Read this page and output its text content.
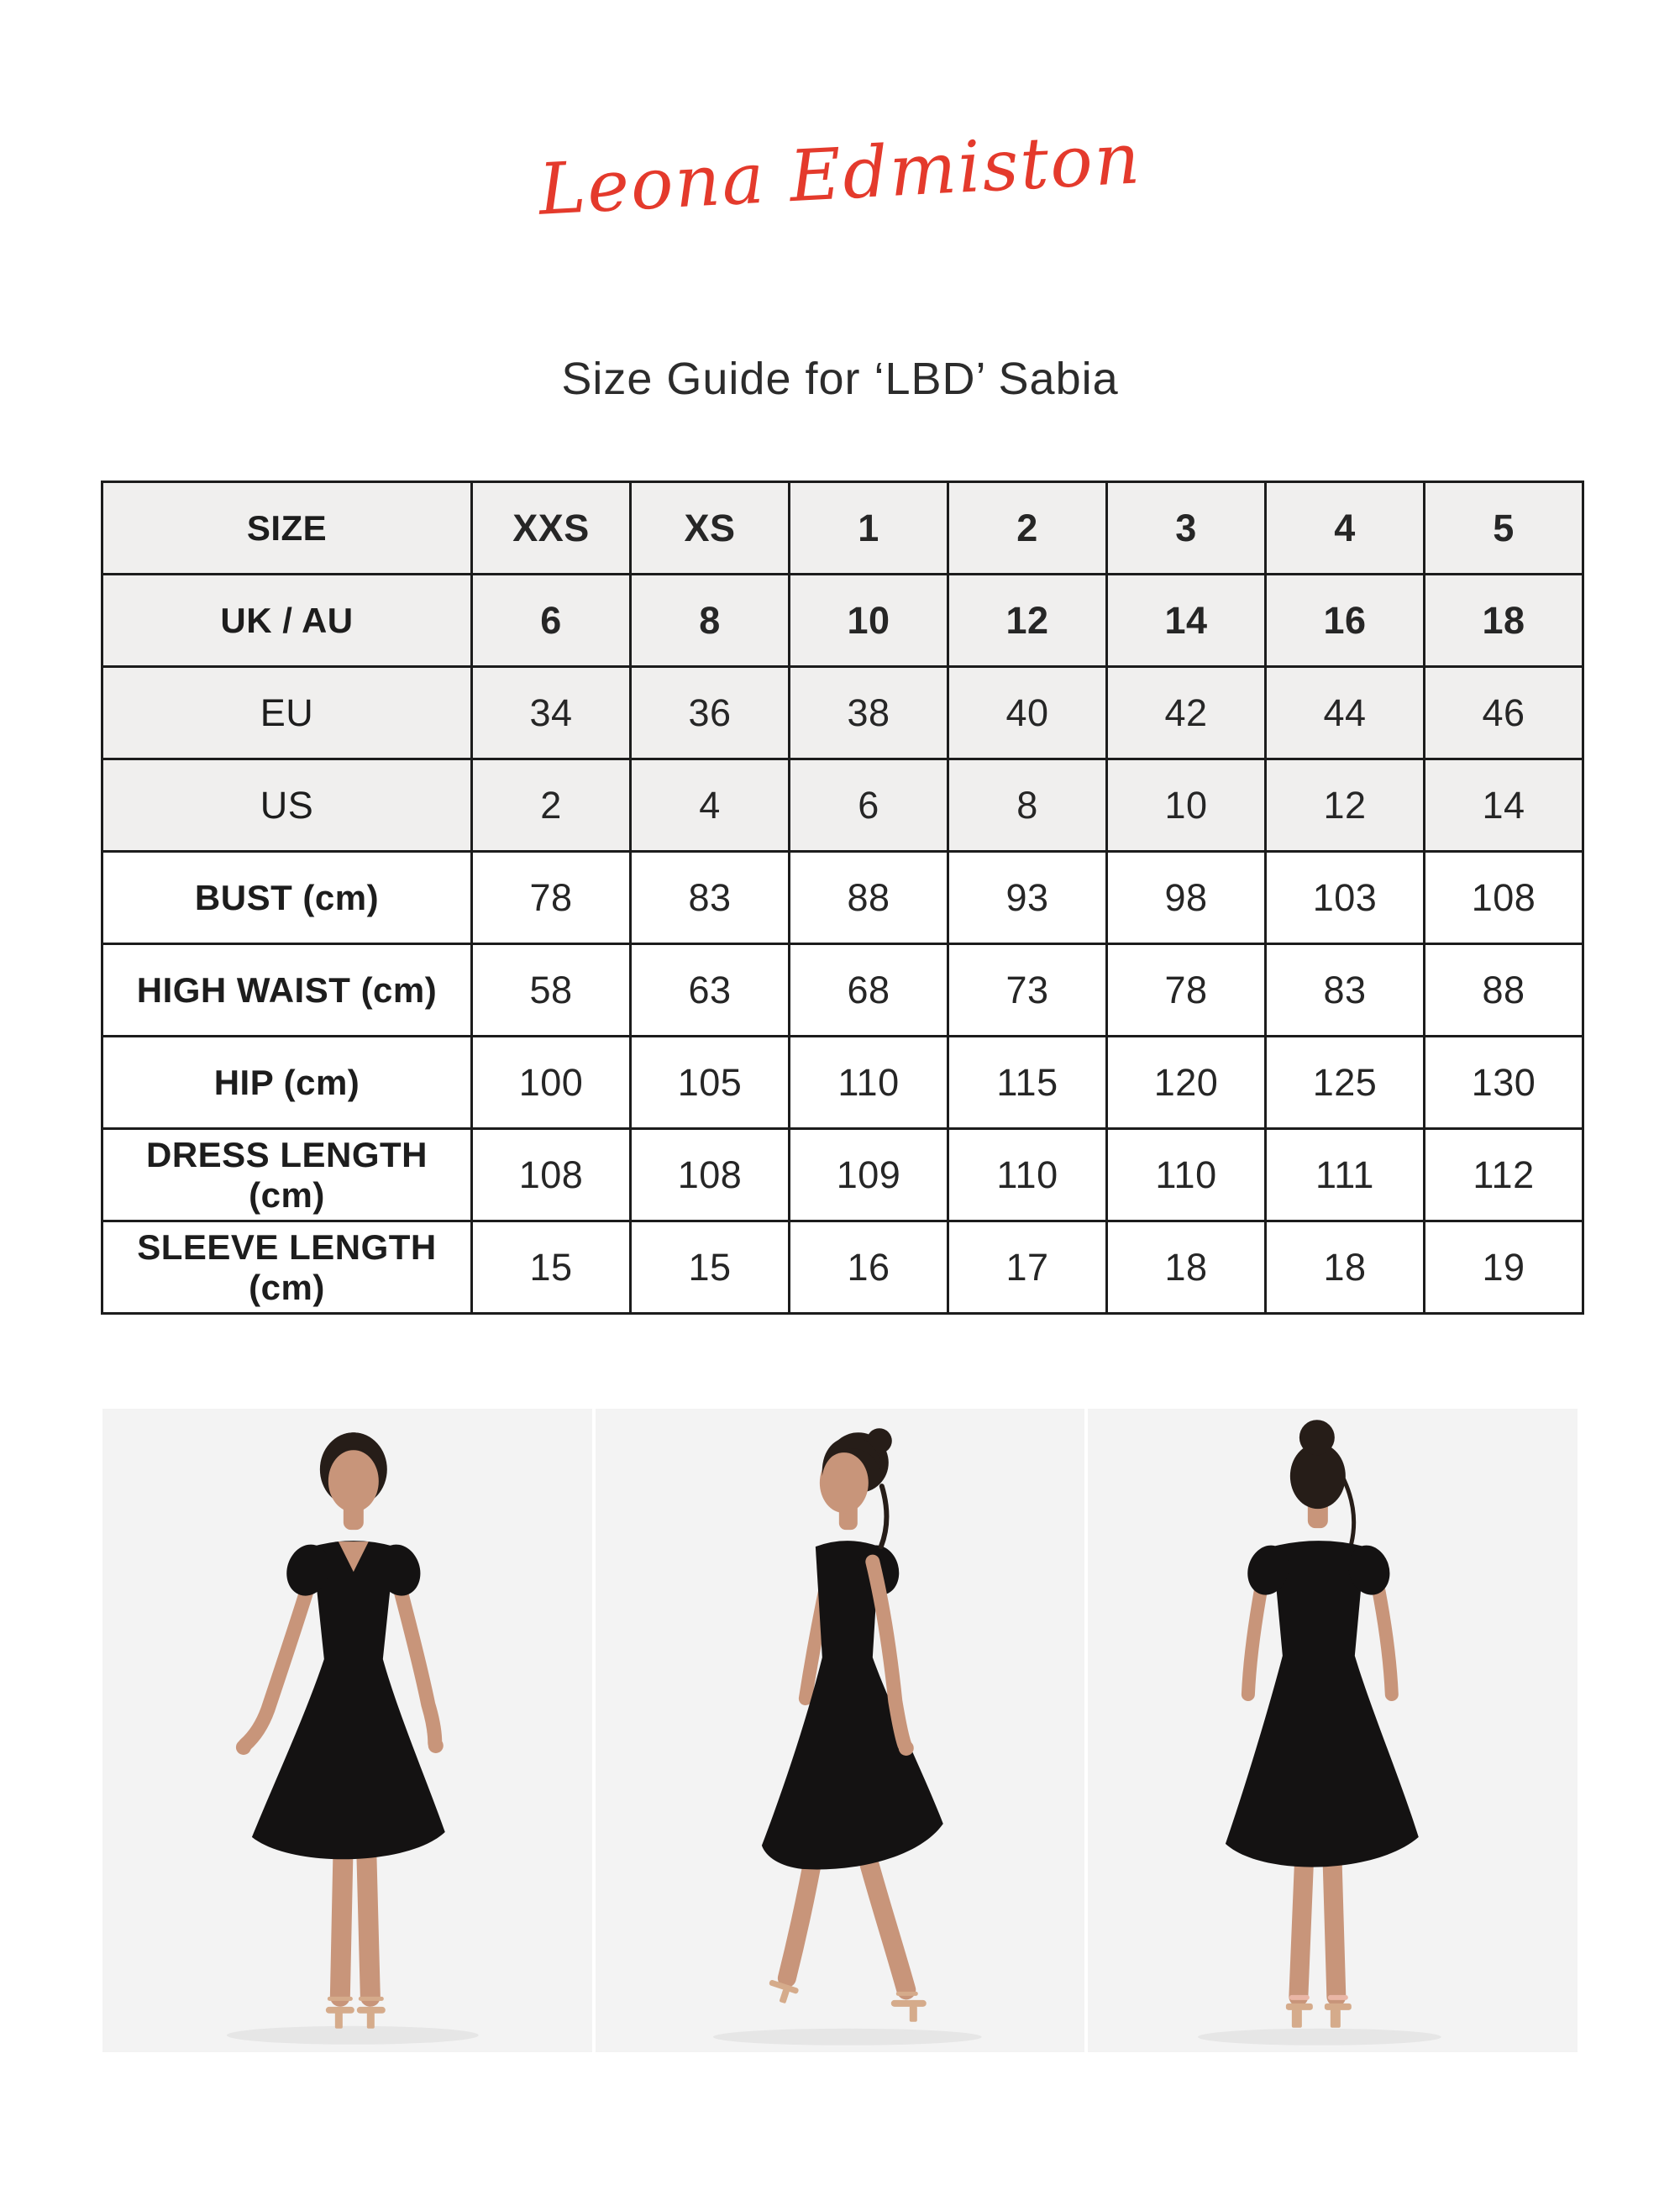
Leona Edmiston
Size Guide for ‘LBD’ Sabia
SIZE	XXS	XS	1	2	3	4	5
UK / AU	6	8	10	12	14	16	18
EU	34	36	38	40	42	44	46
US	2	4	6	8	10	12	14
BUST (cm)	78	83	88	93	98	103	108
HIGH WAIST (cm)	58	63	68	73	78	83	88
HIP (cm)	100	105	110	115	120	125	130
DRESS LENGTH (cm)	108	108	109	110	110	111	112
SLEEVE LENGTH (cm)	15	15	16	17	18	18	19
